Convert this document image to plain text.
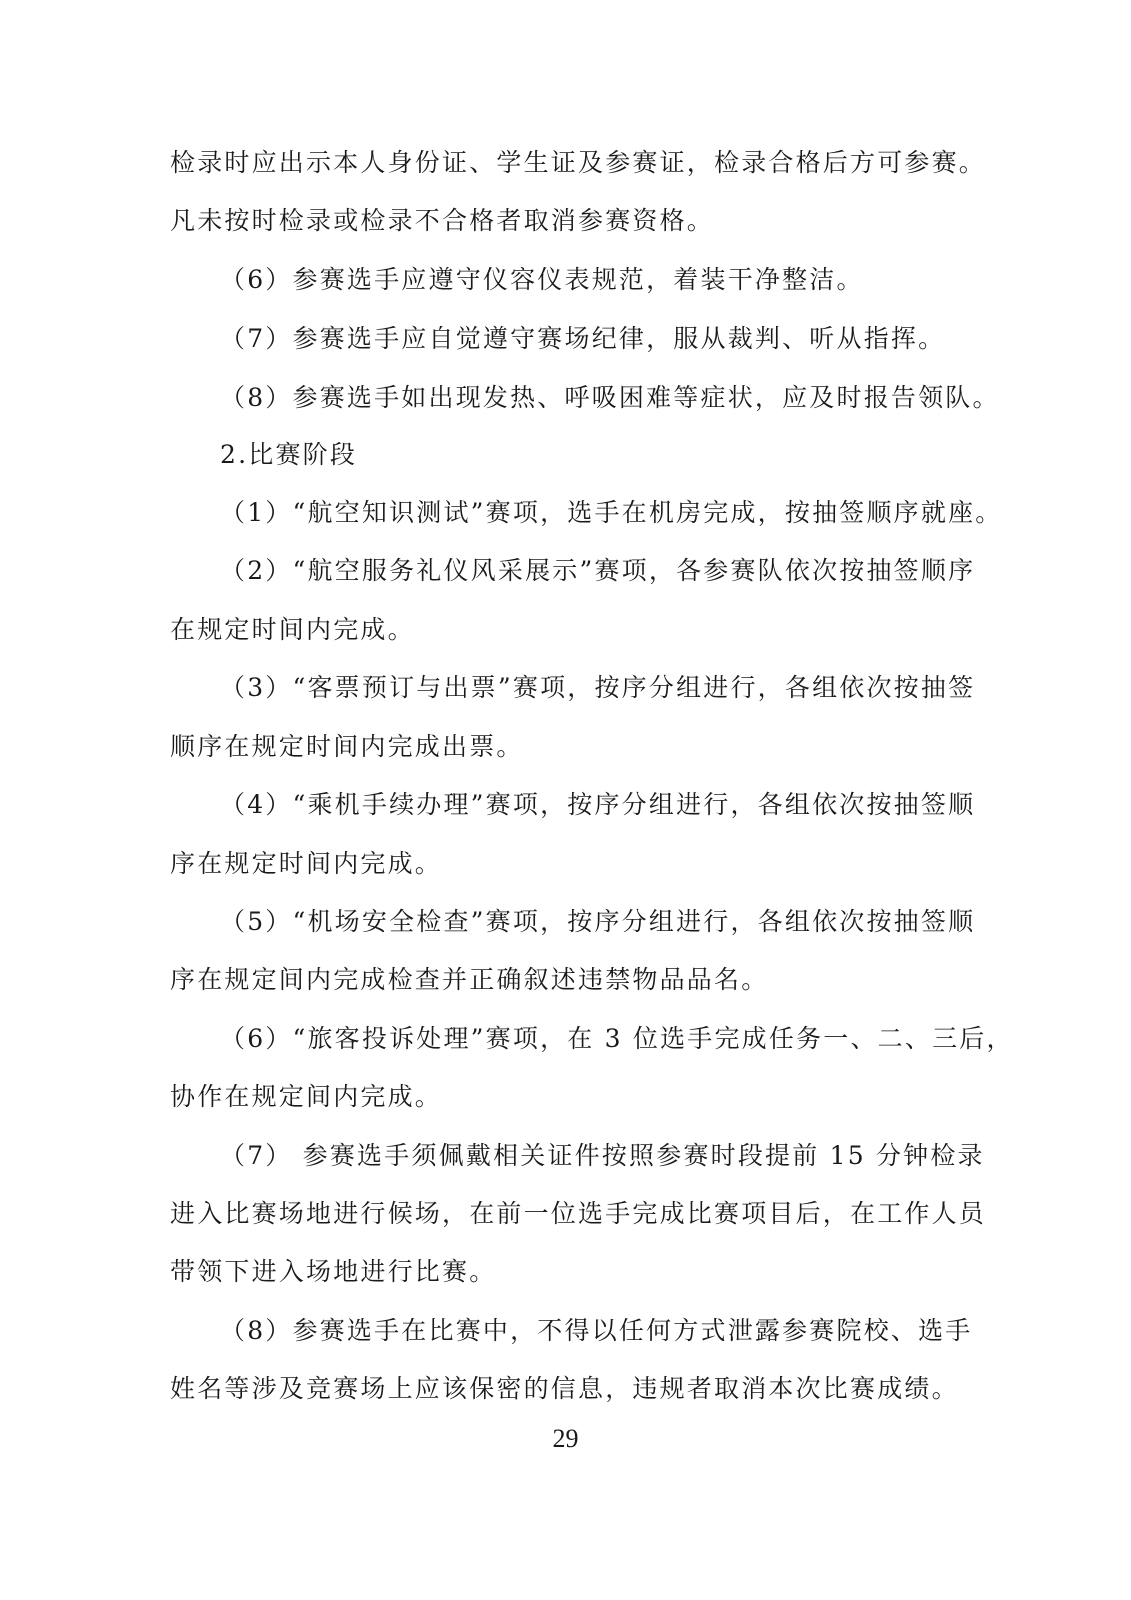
检录时应出示本人身份证、学生证及参赛证，检录合格后方可参赛。
凡未按时检录或检录不合格者取消参赛资格。
（6）参赛选手应遵守仪容仪表规范，着装干净整洁。
（7）参赛选手应自觉遵守赛场纪律，服从裁判、听从指挥。
（8）参赛选手如出现发热、呼吸困难等症状，应及时报告领队。
2.比赛阶段
（1）“航空知识测试”赛项，选手在机房完成，按抽签顺序就座。
（2）“航空服务礼仪风采展示”赛项，各参赛队依次按抽签顺序
在规定时间内完成。
（3）“客票预订与出票”赛项，按序分组进行，各组依次按抽签
顺序在规定时间内完成出票。
（4）“乘机手续办理”赛项，按序分组进行，各组依次按抽签顺
序在规定时间内完成。
（5）“机场安全检查”赛项，按序分组进行，各组依次按抽签顺
序在规定间内完成检查并正确叙述违禁物品品名。
（6）“旅客投诉处理”赛项，在 3 位选手完成任务一、二、三后，
协作在规定间内完成。
（7） 参赛选手须佩戴相关证件按照参赛时段提前 15 分钟检录
进入比赛场地进行候场，在前一位选手完成比赛项目后，在工作人员
带领下进入场地进行比赛。
（8）参赛选手在比赛中，不得以任何方式泄露参赛院校、选手
姓名等涉及竞赛场上应该保密的信息，违规者取消本次比赛成绩。
29
